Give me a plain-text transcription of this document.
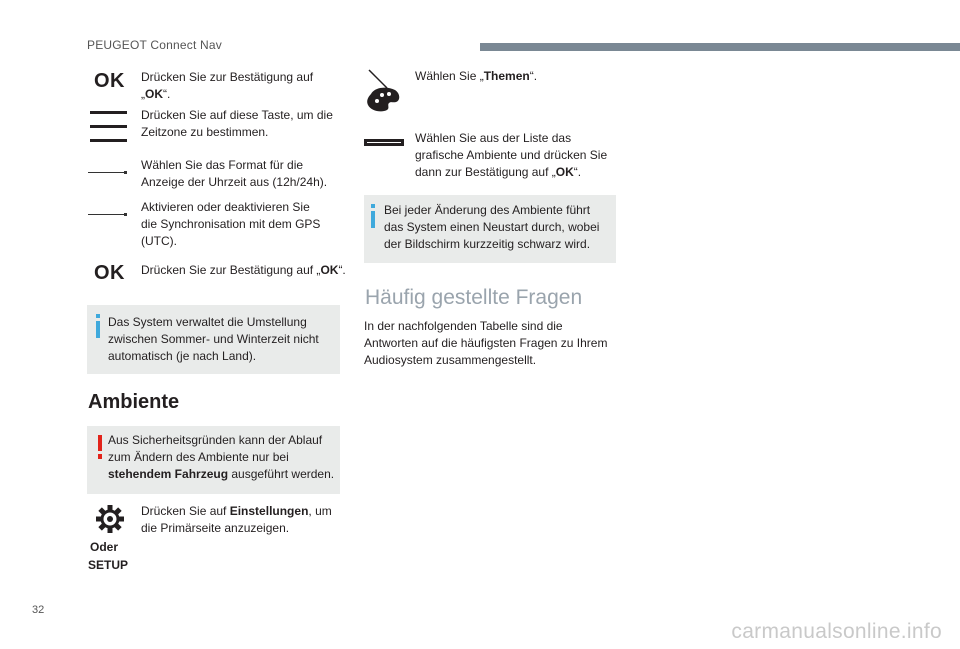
PEUGEOT Connect Nav
OK Drücken Sie zur Bestätigung auf
„OK“.
Drücken Sie auf diese Taste, um die
Zeitzone zu bestimmen.
Wählen Sie das Format für die
Anzeige der Uhrzeit aus (12h/24h).
Aktivieren oder deaktivieren Sie
die Synchronisation mit dem GPS
(UTC).
OK Drücken Sie zur Bestätigung auf „OK“.
Das System verwaltet die Umstellung
zwischen Sommer- und Winterzeit nicht
automatisch (je nach Land).
Ambiente
Aus Sicherheitsgründen kann der Ablauf
zum Ändern des Ambiente nur bei
stehendem Fahrzeug ausgeführt werden.
Oder
SETUP
Drücken Sie auf Einstellungen, um
die Primärseite anzuzeigen.
Wählen Sie „Themen“.
Wählen Sie aus der Liste das
grafische Ambiente und drücken Sie
dann zur Bestätigung auf „OK“.
Bei jeder Änderung des Ambiente führt
das System einen Neustart durch, wobei
der Bildschirm kurzzeitig schwarz wird.
Häufig gestellte Fragen
In der nachfolgenden Tabelle sind die
Antworten auf die häufigsten Fragen zu Ihrem
Audiosystem zusammengestellt.
32
carmanualsonline.info
